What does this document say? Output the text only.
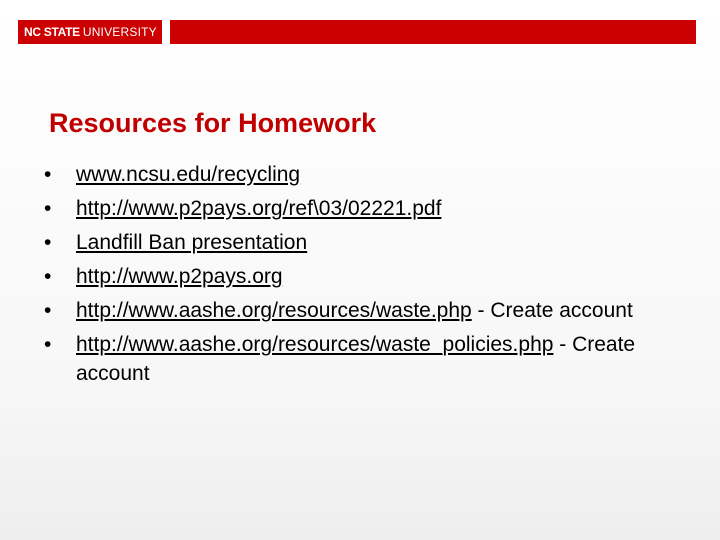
NC STATE UNIVERSITY
Resources for Homework
•	www.ncsu.edu/recycling
•	http://www.p2pays.org/ref\03/02221.pdf
•	Landfill Ban presentation
•	http://www.p2pays.org
•	http://www.aashe.org/resources/waste.php - Create account
•	http://www.aashe.org/resources/waste_policies.php - Create account
